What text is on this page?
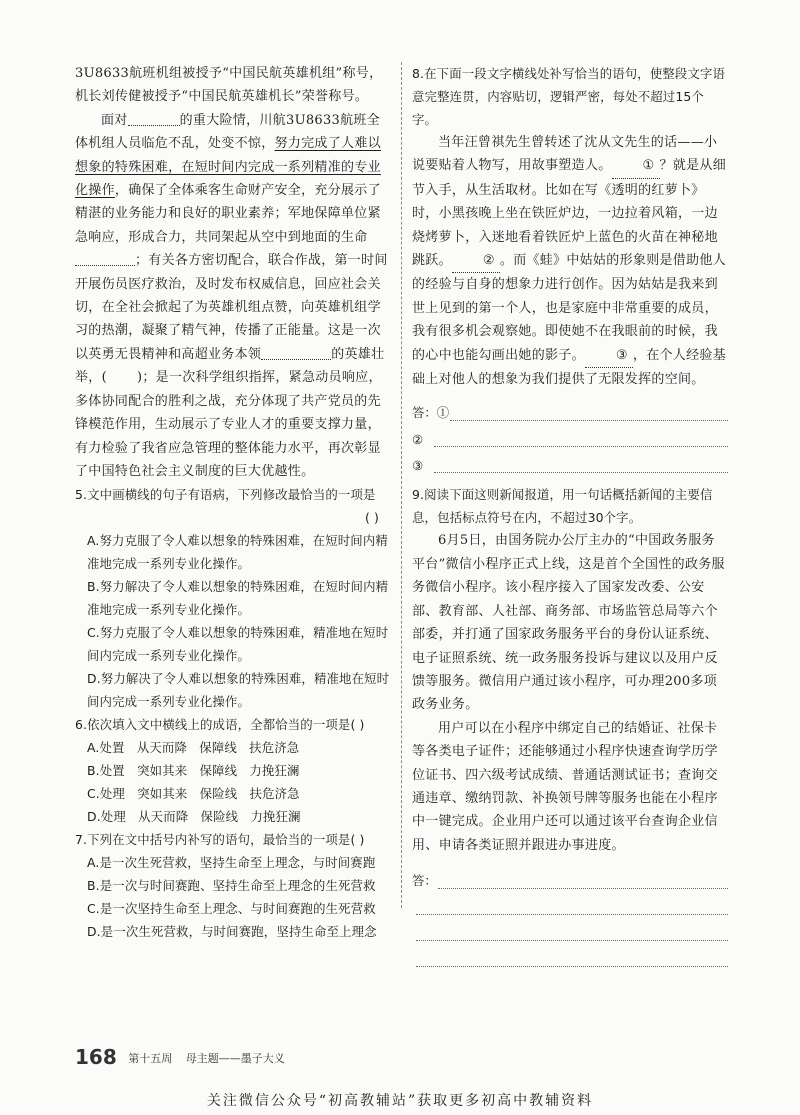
3U8633航班机组被授予“中国民航英雄机组”称号，机长刘传健被授予“中国民航英雄机长”荣誉称号。

面对	的重大险情，川航3U8633航班全体机组人员临危不乱，处变不惊，努力完成了人难以想象的特殊困难，在短时间内完成一系列精准的专业化操作，确保了全体乘客生命财产安全，充分展示了精湛的业务能力和良好的职业素养；军地保障单位紧急响应，形成合力，共同架起从空中到地面的生命；有关各方密切配合，联合作战，第一时间开展伤员医疗救治，及时发布权威信息，回应社会关切，在全社会掀起了为英雄机组点赞，向英雄机组学习的热潮，凝聚了精气神，传播了正能量。这是一次以英勇无畏精神和高超业务本领	的英雄壮举，( )；是一次科学组织指挥，紧急动员响应，多体协同配合的胜利之战，充分体现了共产党员的先锋模范作用，生动展示了专业人才的重要支撑力量，有力检验了我省应急管理的整体能力水平，再次彰显了中国特色社会主义制度的巨大优越性。

5.文中画横线的句子有语病，下列修改最恰当的一项是

( )

A.努力克服了令人难以想象的特殊困难，在短时间内精准地完成一系列专业化操作。

B.努力解决了令人难以想象的特殊困难，在短时间内精准地完成一系列专业化操作。

C.努力克服了令人难以想象的特殊困难，精准地在短时间内完成一系列专业化操作。

D.努力解决了令人难以想象的特殊困难，精准地在短时间内完成一系列专业化操作。

6.依次填入文中横线上的成语，全都恰当的一项是( )

A.处置   从天而降   保障线   扶危济急

B.处置   突如其来   保障线   力挽狂澜

C.处理   突如其来   保险线   扶危济急

D.处理   从天而降   保险线   力挽狂澜

7.下列在文中括号内补写的语句，最恰当的一项是( )

A.是一次生死营救，坚持生命至上理念，与时间赛跑

B.是一次与时间赛跑、坚持生命至上理念的生死营救

C.是一次坚持生命至上理念、与时间赛跑的生死营救

D.是一次生死营救，与时间赛跑，坚持生命至上理念

8.在下面一段文字横线处补写恰当的语句，使整段文字语意完整连贯，内容贴切，逻辑严密，每处不超过15个字。

当年汪曾祺先生曾转述了沈从文先生的话——小说要贴着人物写，用故事塑造人。 ① ？就是从细节入手，从生活取材。比如在写《透明的红萝卜》时，小黑孩晚上坐在铁匠炉边，一边拉着风箱，一边烧烤萝卜，入迷地看着铁匠炉上蓝色的火苗在神秘地跳跃。 ② 。而《蛙》中姑姑的形象则是借助他人的经验与自身的想象力进行创作。因为姑姑是我来到世上见到的第一个人，也是家庭中非常重要的成员，我有很多机会观察她。即使她不在我眼前的时候，我的心中也能勾画出她的影子。 ③ ，在个人经验基础上对他人的想象为我们提供了无限发挥的空间。

答：①
②
③

9.阅读下面这则新闻报道，用一句话概括新闻的主要信息，包括标点符号在内，不超过30个字。

6月5日，由国务院办公厅主办的“中国政务服务平台”微信小程序正式上线，这是首个全国性的政务服务微信小程序。该小程序接入了国家发改委、公安部、教育部、人社部、商务部、市场监管总局等六个部委，并打通了国家政务服务平台的身份认证系统、电子证照系统、统一政务服务投诉与建议以及用户反馈等服务。微信用户通过该小程序，可办理200多项政务业务。

用户可以在小程序中绑定自己的结婚证、社保卡等各类电子证件；还能够通过小程序快速查询学历学位证书、四六级考试成绩、普通话测试证书；查询交通违章、缴纳罚款、补换领号牌等服务也能在小程序中一键完成。企业用户还可以通过该平台查询企业信用、申请各类证照并跟进办事进度。

答：
168 第十五周 母主题——墨子大义
关注微信公众号“初高教辅站”获取更多初高中教辅资料
